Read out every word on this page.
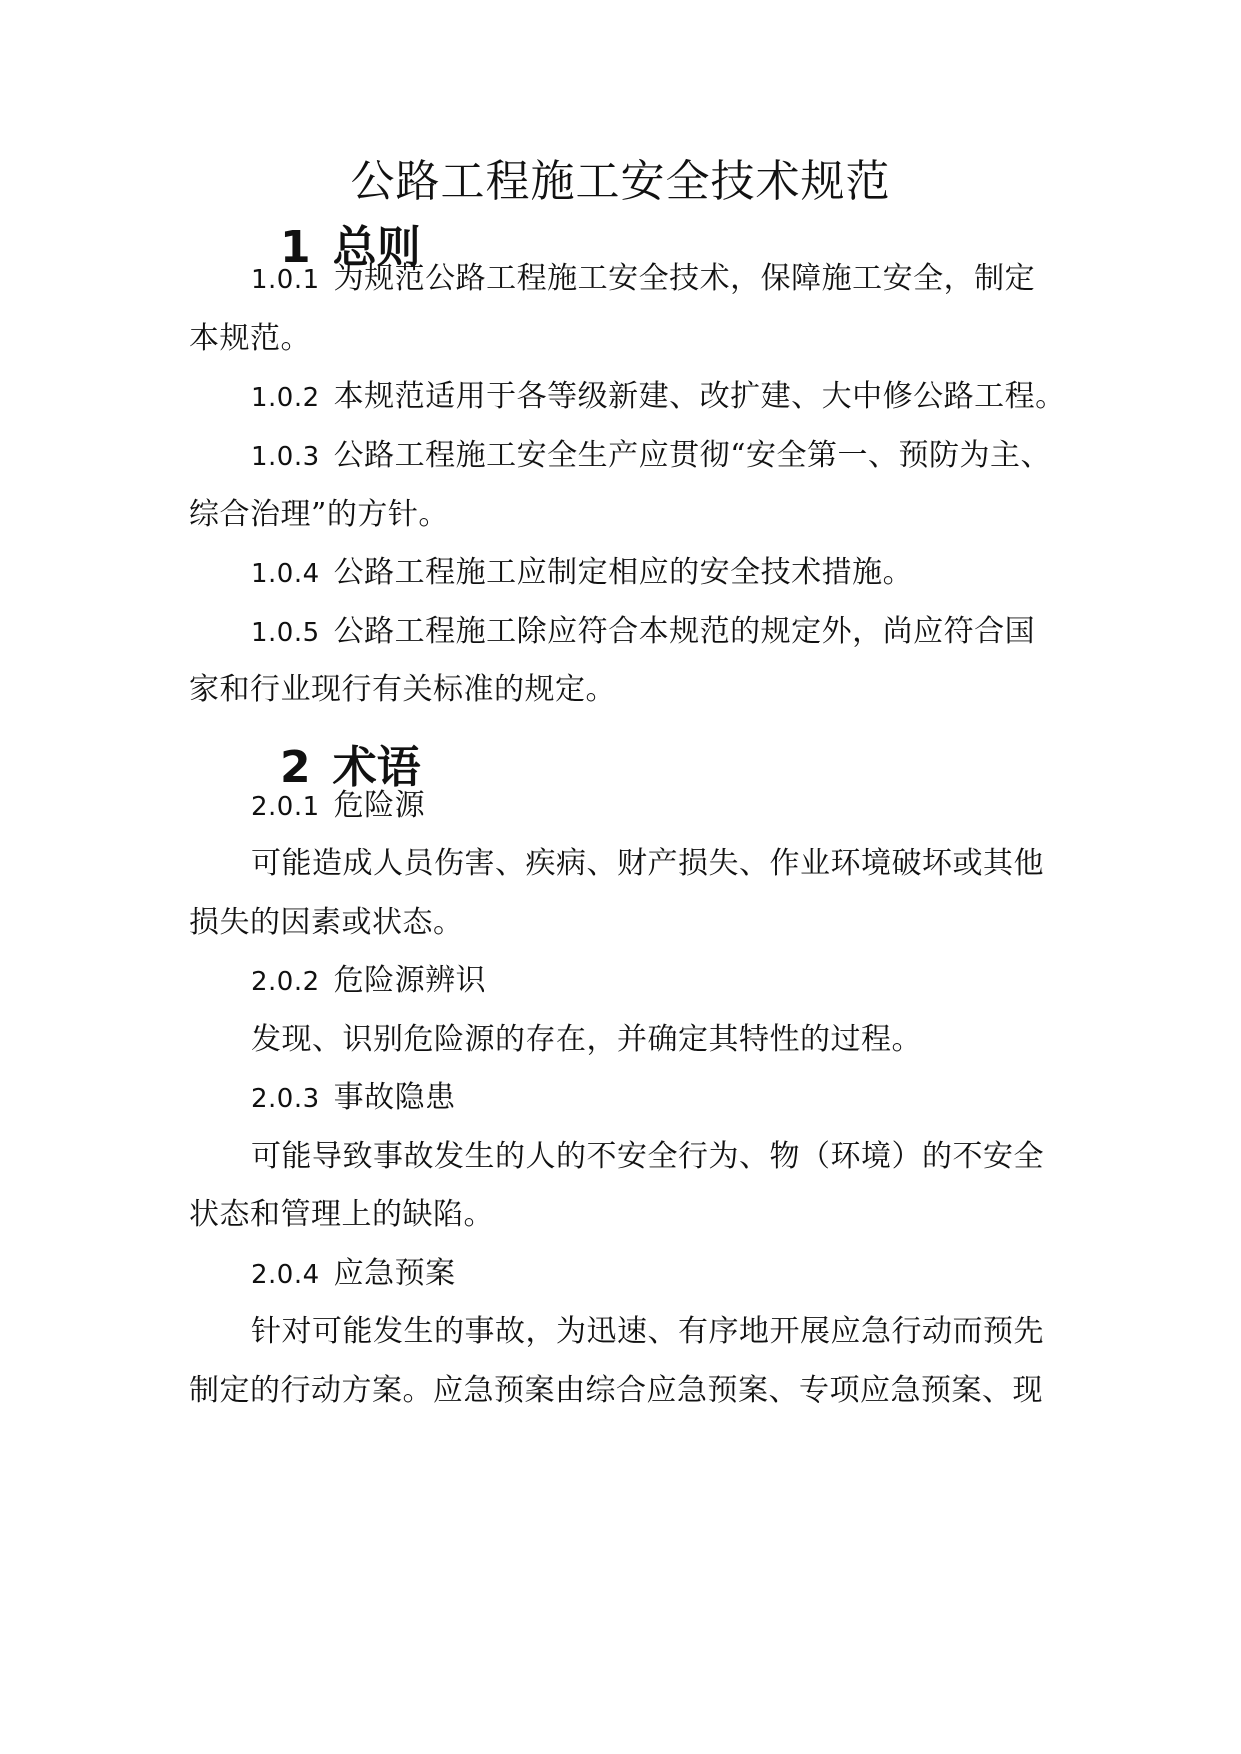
公路工程施工安全技术规范
1 总则

1.0.1 为规范公路工程施工安全技术，保障施工安全，制定

本规范。

1.0.2 本规范适用于各等级新建、改扩建、大中修公路工程。

1.0.3 公路工程施工安全生产应贯彻“安全第一、预防为主、

综合治理”的方针。

1.0.4 公路工程施工应制定相应的安全技术措施。

1.0.5 公路工程施工除应符合本规范的规定外，尚应符合国

家和行业现行有关标准的规定。

2 术语

2.0.1 危险源

可能造成人员伤害、疾病、财产损失、作业环境破坏或其他

损失的因素或状态。

2.0.2 危险源辨识

发现、识别危险源的存在，并确定其特性的过程。

2.0.3 事故隐患

可能导致事故发生的人的不安全行为、物（环境）的不安全

状态和管理上的缺陷。

2.0.4 应急预案

针对可能发生的事故，为迅速、有序地开展应急行动而预先

制定的行动方案。应急预案由综合应急预案、专项应急预案、现
